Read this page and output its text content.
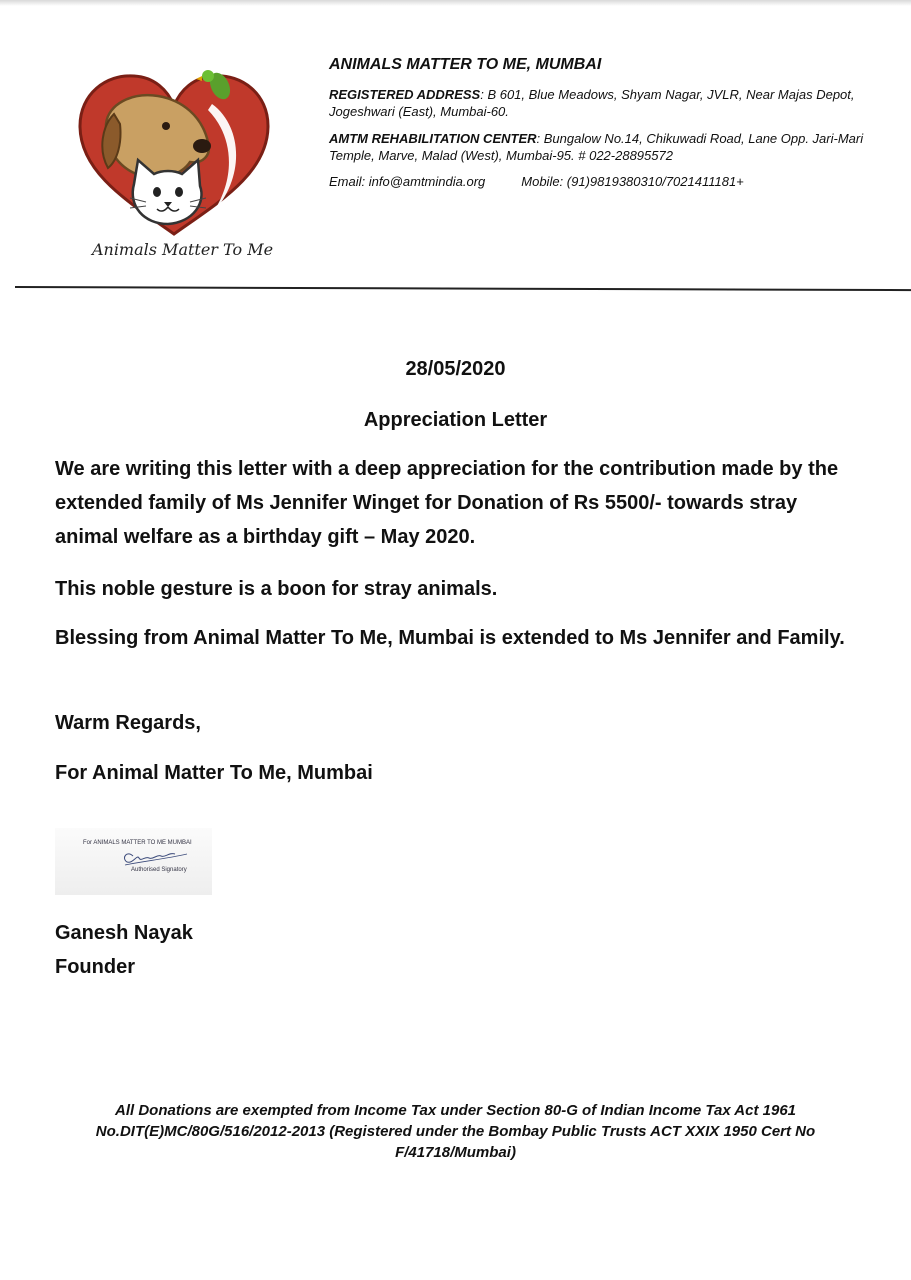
Animals Matter To Me
ANIMALS MATTER TO ME, MUMBAI

REGISTERED ADDRESS: B 601, Blue Meadows, Shyam Nagar, JVLR, Near Majas Depot, Jogeshwari (East), Mumbai-60.

AMTM REHABILITATION CENTER: Bungalow No.14, Chikuwadi Road, Lane Opp. Jari-Mari Temple, Marve, Malad (West), Mumbai-95. # 022-28895572

Email: info@amtmindia.org	Mobile: (91)9819380310/7021411181+
28/05/2020
Appreciation Letter

We are writing this letter with a deep appreciation for the contribution made by the extended family of Ms Jennifer Winget for Donation of Rs 5500/- towards stray animal welfare as a birthday gift – May 2020.

This noble gesture is a boon for stray animals.

Blessing from Animal Matter To Me, Mumbai is extended to Ms Jennifer and Family.

Warm Regards,

For Animal Matter To Me, Mumbai

For ANIMALS MATTER TO ME MUMBAI
Authorised Signatory
Ganesh Nayak
Founder
All Donations are exempted from Income Tax under Section 80-G of Indian Income Tax Act 1961
No.DIT(E)MC/80G/516/2012-2013 (Registered under the Bombay Public Trusts ACT XXIX 1950 Cert No F/41718/Mumbai)
